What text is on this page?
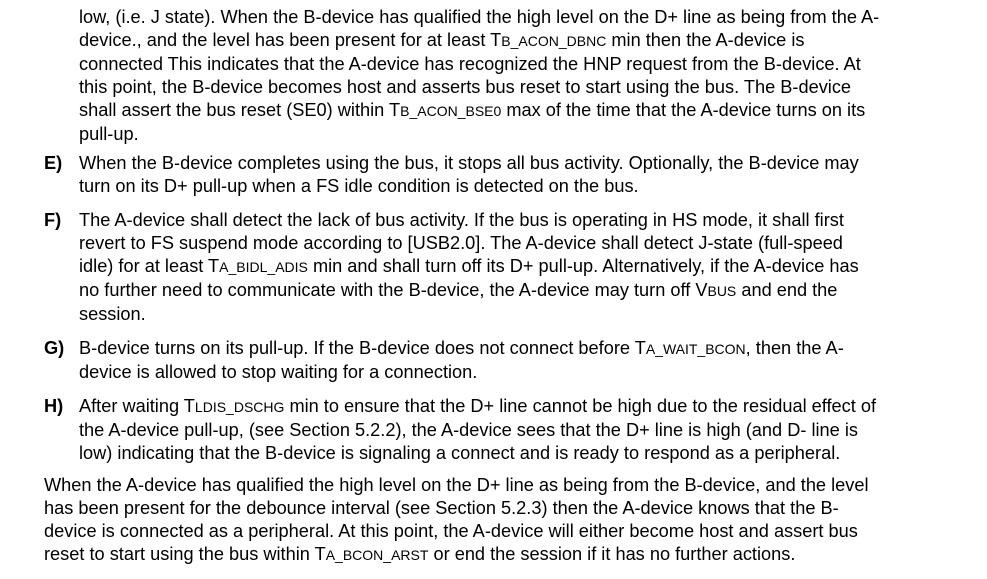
low, (i.e. J state). When the B-device has qualified the high level on the D+ line as being from the A-
device., and the level has been present for at least TB_ACON_DBNC min then the A-device is
connected This indicates that the A-device has recognized the HNP request from the B-device. At
this point, the B-device becomes host and asserts bus reset to start using the bus. The B-device
shall assert the bus reset (SE0) within TB_ACON_BSE0 max of the time that the A-device turns on its
pull-up.
E) When the B-device completes using the bus, it stops all bus activity. Optionally, the B-device may
turn on its D+ pull-up when a FS idle condition is detected on the bus.
F) The A-device shall detect the lack of bus activity. If the bus is operating in HS mode, it shall first
revert to FS suspend mode according to [USB2.0]. The A-device shall detect J-state (full-speed
idle) for at least TA_BIDL_ADIS min and shall turn off its D+ pull-up. Alternatively, if the A-device has
no further need to communicate with the B-device, the A-device may turn off VBUS and end the
session.
G) B-device turns on its pull-up. If the B-device does not connect before TA_WAIT_BCON, then the A-
device is allowed to stop waiting for a connection.
H) After waiting TLDIS_DSCHG min to ensure that the D+ line cannot be high due to the residual effect of
the A-device pull-up, (see Section 5.2.2), the A-device sees that the D+ line is high (and D- line is
low) indicating that the B-device is signaling a connect and is ready to respond as a peripheral.
When the A-device has qualified the high level on the D+ line as being from the B-device, and the level
has been present for the debounce interval (see Section 5.2.3) then the A-device knows that the B-
device is connected as a peripheral. At this point, the A-device will either become host and assert bus
reset to start using the bus within TA_BCON_ARST or end the session if it has no further actions.
